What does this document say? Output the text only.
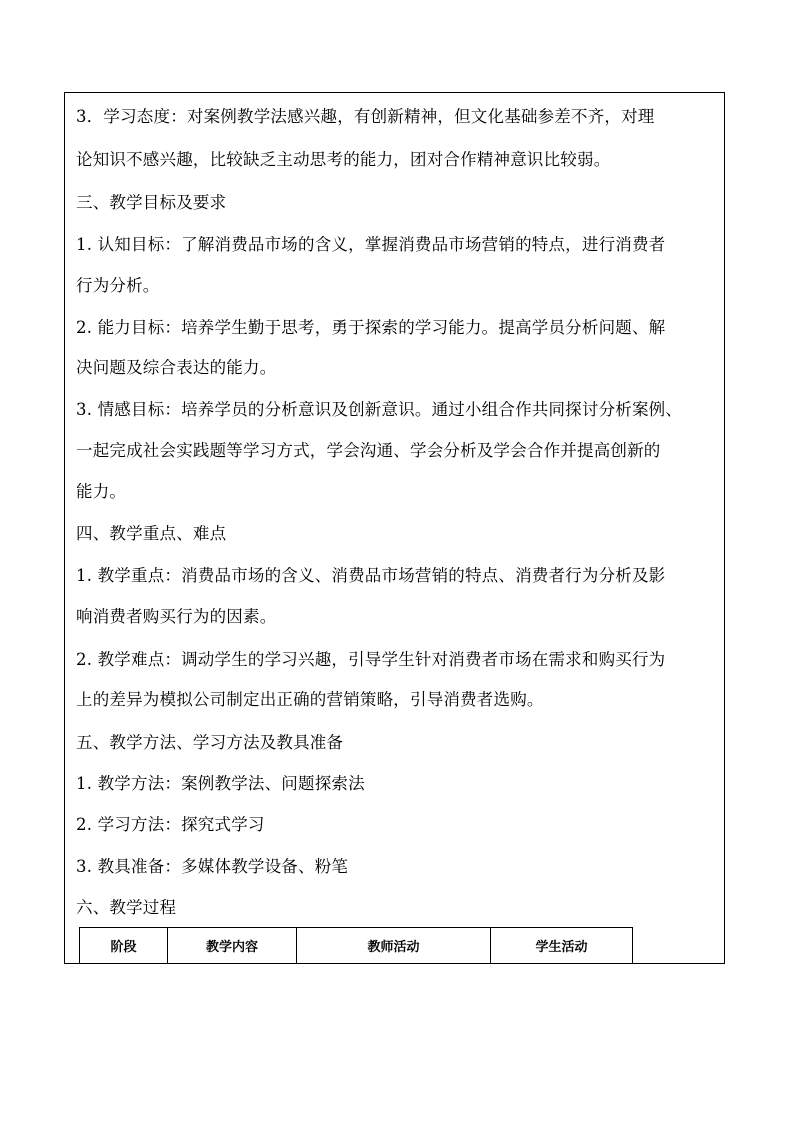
3．学习态度：对案例教学法感兴趣，有创新精神，但文化基础参差不齐，对理
论知识不感兴趣，比较缺乏主动思考的能力，团对合作精神意识比较弱。
三、教学目标及要求
1. 认知目标：了解消费品市场的含义，掌握消费品市场营销的特点，进行消费者
行为分析。
2. 能力目标：培养学生勤于思考，勇于探索的学习能力。提高学员分析问题、解
决问题及综合表达的能力。
3. 情感目标：培养学员的分析意识及创新意识。通过小组合作共同探讨分析案例、
一起完成社会实践题等学习方式，学会沟通、学会分析及学会合作并提高创新的
能力。
四、教学重点、难点
1. 教学重点：消费品市场的含义、消费品市场营销的特点、消费者行为分析及影
响消费者购买行为的因素。
2. 教学难点：调动学生的学习兴趣，引导学生针对消费者市场在需求和购买行为
上的差异为模拟公司制定出正确的营销策略，引导消费者选购。
五、教学方法、学习方法及教具准备
1. 教学方法：案例教学法、问题探索法
2. 学习方法：探究式学习
3. 教具准备：多媒体教学设备、粉笔
六、教学过程
阶段	教学内容	教师活动	学生活动
